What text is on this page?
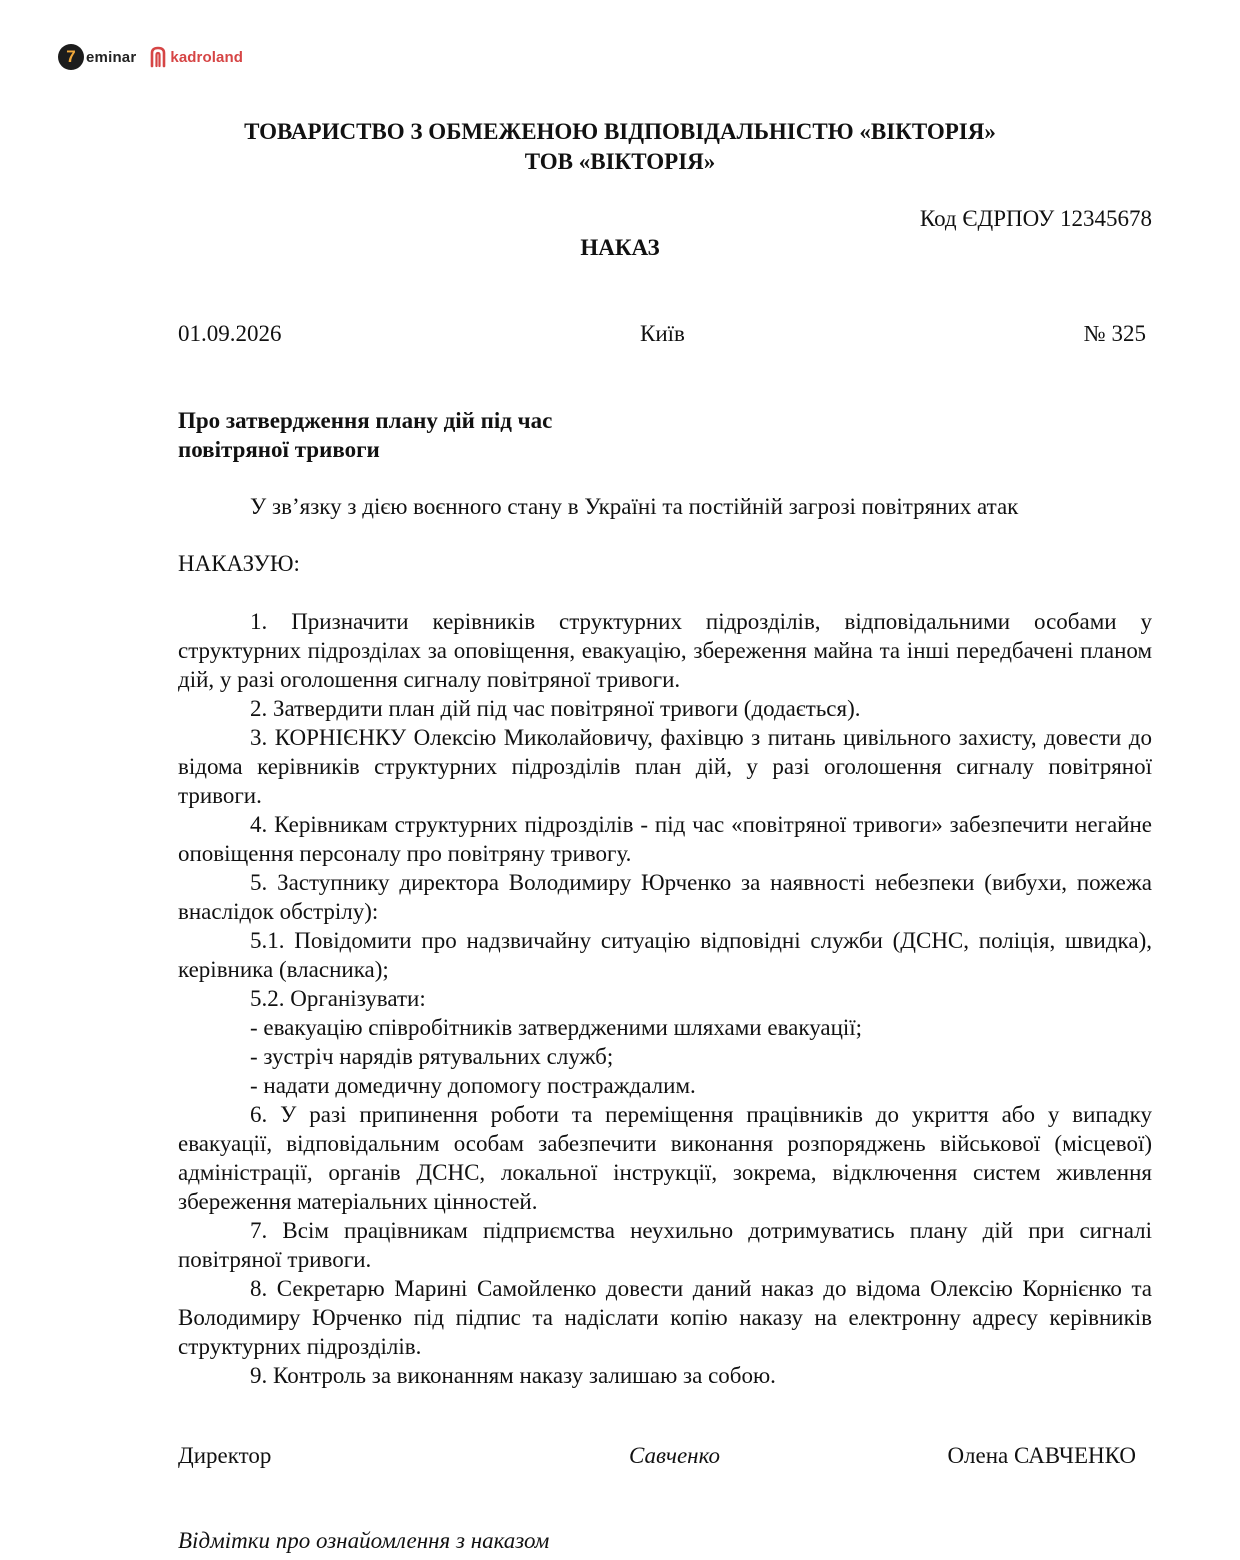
7 eminar kadroland
ТОВАРИСТВО З ОБМЕЖЕНОЮ ВІДПОВІДАЛЬНІСТЮ «ВІКТОРІЯ»
ТОВ «ВІКТОРІЯ»
Код ЄДРПОУ 12345678
НАКАЗ
01.09.2026	Київ	№ 325
Про затвердження плану дій під час
повітряної тривоги
У зв’язку з дією воєнного стану в Україні та постійній загрозі повітряних атак
НАКАЗУЮ:

1. Призначити керівників структурних підрозділів, відповідальними особами у структурних підрозділах за оповіщення, евакуацію, збереження майна та інші передбачені планом дій, у разі оголошення сигналу повітряної тривоги.

2. Затвердити план дій під час повітряної тривоги (додається).

3. КОРНІЄНКУ Олексію Миколайовичу, фахівцю з питань цивільного захисту, довести до відома керівників структурних підрозділів план дій, у разі оголошення сигналу повітряної тривоги.

4. Керівникам структурних підрозділів - під час «повітряної тривоги» забезпечити негайне оповіщення персоналу про повітряну тривогу.

5. Заступнику директора Володимиру Юрченко за наявності небезпеки (вибухи, пожежа внаслідок обстрілу):

5.1. Повідомити про надзвичайну ситуацію відповідні служби (ДСНС, поліція, швидка), керівника (власника);

5.2. Організувати:

- евакуацію співробітників затвердженими шляхами евакуації;

- зустріч нарядів рятувальних служб;

- надати домедичну допомогу постраждалим.

6. У разі припинення роботи та переміщення працівників до укриття або у випадку евакуації, відповідальним особам забезпечити виконання розпоряджень військової (місцевої) адміністрації, органів ДСНС, локальної інструкції, зокрема, відключення систем живлення збереження матеріальних цінностей.

7. Всім працівникам підприємства неухильно дотримуватись плану дій при сигналі повітряної тривоги.

8. Секретарю Марині Самойленко довести даний наказ до відома Олексію Корнієнко та Володимиру Юрченко під підпис та надіслати копію наказу на електронну адресу керівників структурних підрозділів.

9. Контроль за виконанням наказу залишаю за собою.

Директор	Савченко	Олена САВЧЕНКО
Відмітки про ознайомлення з наказом
